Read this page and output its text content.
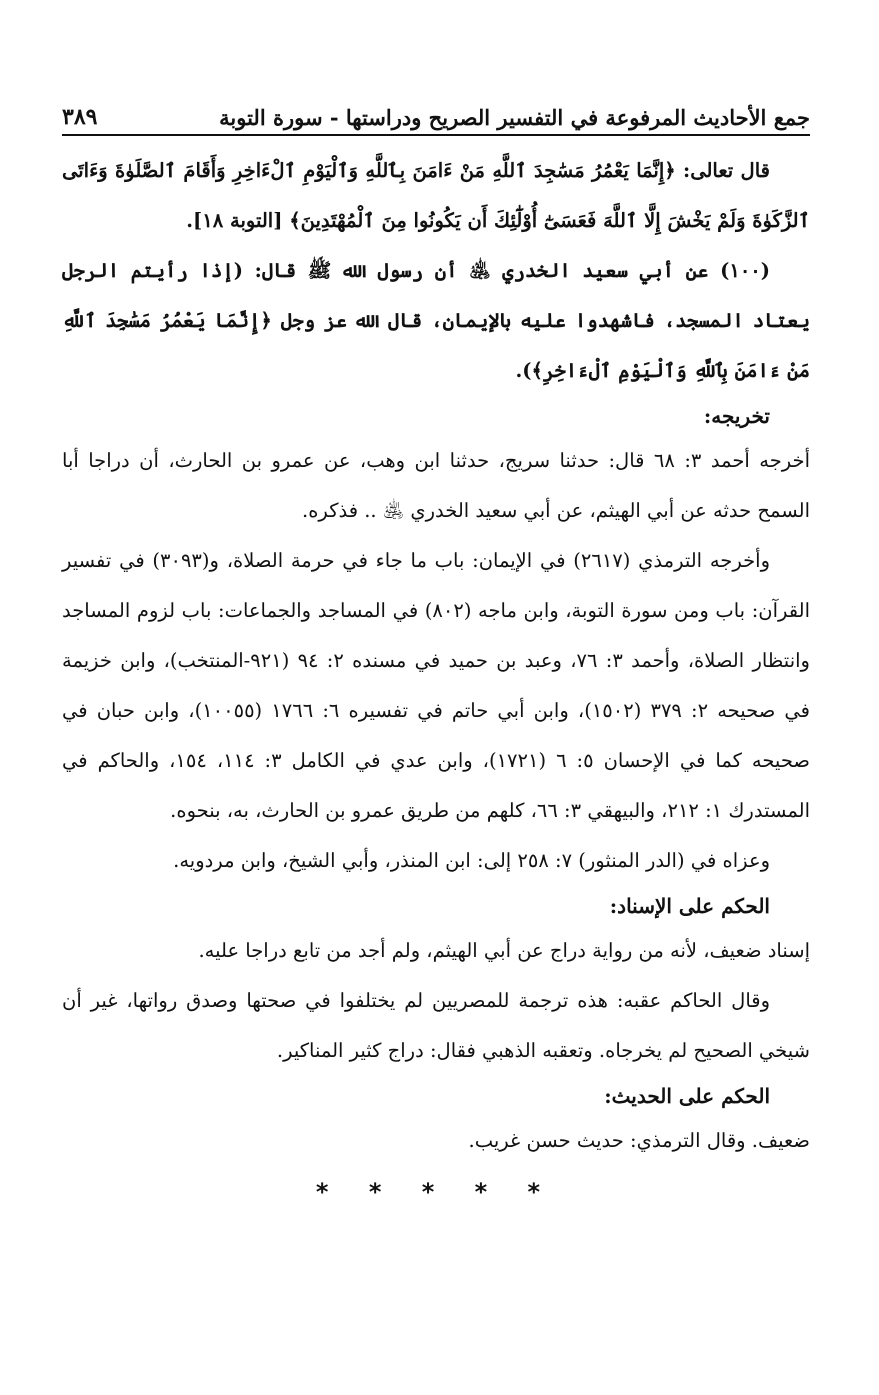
جمع الأحاديث المرفوعة في التفسير الصريح ودراستها - سورة التوبة
٣٨٩

قال تعالى: ﴿إِنَّمَا يَعْمُرُ مَسَٰجِدَ ٱللَّهِ مَنْ ءَامَنَ بِٱللَّهِ وَٱلْيَوْمِ ٱلْءَاخِرِ وَأَقَامَ ٱلصَّلَوٰةَ وَءَاتَى ٱلزَّكَوٰةَ وَلَمْ يَخْشَ إِلَّا ٱللَّهَ فَعَسَىٰٓ أُوْلَٰٓئِكَ أَن يَكُونُوا مِنَ ٱلْمُهْتَدِينَ﴾ [التوبة ١٨].

(١٠٠) عن أبي سعيد الخدري ﵁ أن رسول الله ﷺ قال: (إذا رأيتم الرجل يعتاد المسجد، فاشهدوا عليه بالإيمان، قال الله عز وجل ﴿إِنَّمَا يَعْمُرُ مَسَٰجِدَ ٱللَّهِ مَنْ ءَامَنَ بِٱللَّهِ وَٱلْيَوْمِ ٱلْءَاخِرِ﴾).

تخريجه:

أخرجه أحمد ٣: ٦٨ قال: حدثنا سريج، حدثنا ابن وهب، عن عمرو بن الحارث، أن دراجا أبا السمح حدثه عن أبي الهيثم، عن أبي سعيد الخدري ﵁ .. فذكره.

وأخرجه الترمذي (٢٦١٧) في الإيمان: باب ما جاء في حرمة الصلاة، و(٣٠٩٣) في تفسير القرآن: باب ومن سورة التوبة، وابن ماجه (٨٠٢) في المساجد والجماعات: باب لزوم المساجد وانتظار الصلاة، وأحمد ٣: ٧٦، وعبد بن حميد في مسنده ٢: ٩٤ (٩٢١-المنتخب)، وابن خزيمة في صحيحه ٢: ٣٧٩ (١٥٠٢)، وابن أبي حاتم في تفسيره ٦: ١٧٦٦ (١٠٠٥٥)، وابن حبان في صحيحه كما في الإحسان ٥: ٦ (١٧٢١)، وابن عدي في الكامل ٣: ١١٤، ١٥٤، والحاكم في المستدرك ١: ٢١٢، والبيهقي ٣: ٦٦، كلهم من طريق عمرو بن الحارث، به، بنحوه.

وعزاه في (الدر المنثور) ٧: ٢٥٨ إلى: ابن المنذر، وأبي الشيخ، وابن مردويه.

الحكم على الإسناد:

إسناد ضعيف، لأنه من رواية دراج عن أبي الهيثم، ولم أجد من تابع دراجا عليه.

وقال الحاكم عقبه: هذه ترجمة للمصريين لم يختلفوا في صحتها وصدق رواتها، غير أن شيخي الصحيح لم يخرجاه. وتعقبه الذهبي فقال: دراج كثير المناكير.

الحكم على الحديث:

ضعيف. وقال الترمذي: حديث حسن غريب.

* * * * *
